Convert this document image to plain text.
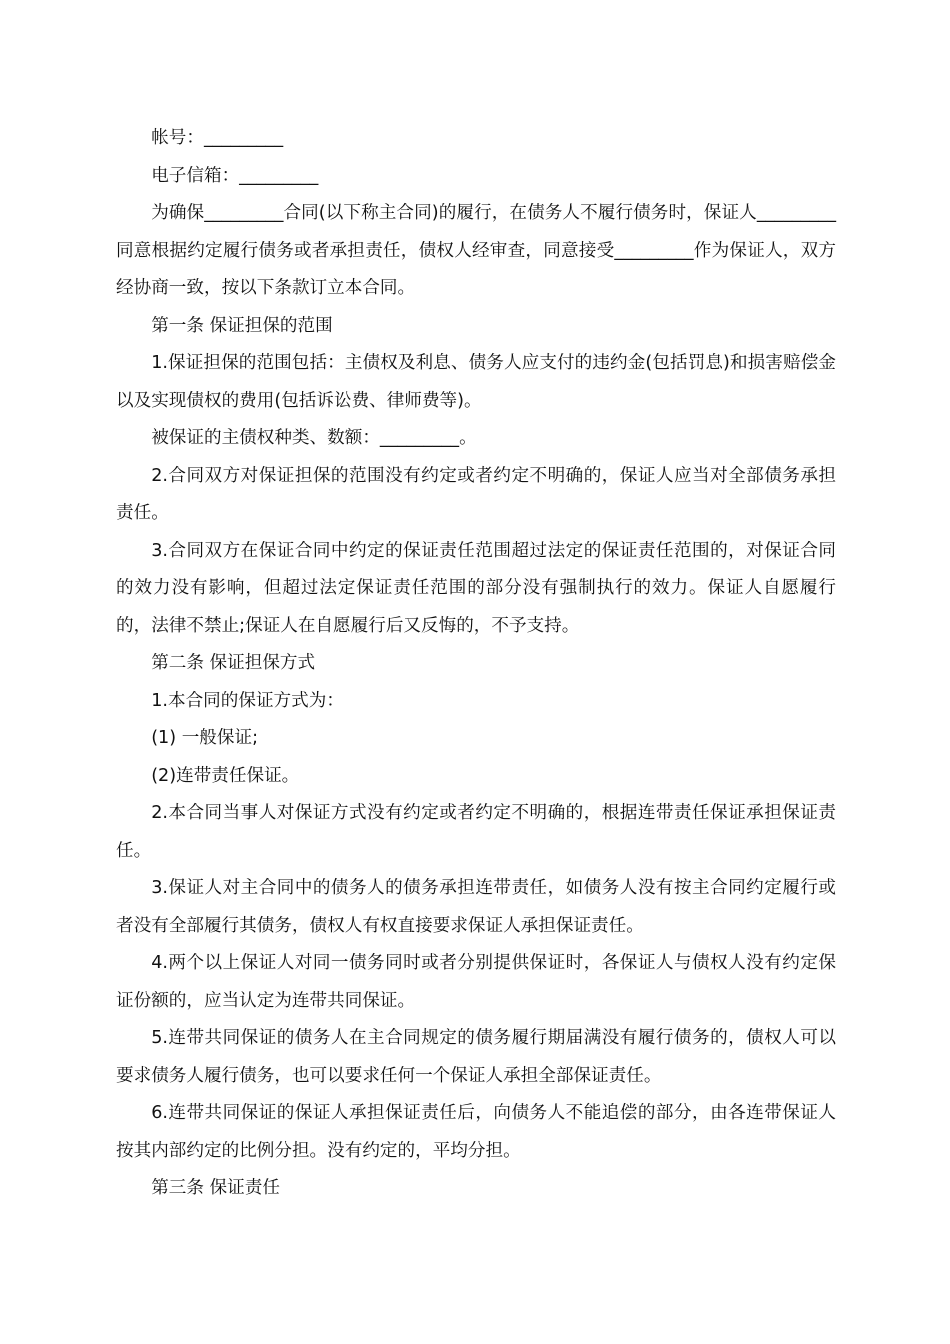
帐号：_________

电子信箱：_________

为确保_________合同(以下称主合同)的履行，在债务人不履行债务时，保证人_________同意根据约定履行债务或者承担责任，债权人经审查，同意接受_________作为保证人，双方经协商一致，按以下条款订立本合同。

第一条 保证担保的范围

1.保证担保的范围包括：主债权及利息、债务人应支付的违约金(包括罚息)和损害赔偿金以及实现债权的费用(包括诉讼费、律师费等)。

被保证的主债权种类、数额：_________。

2.合同双方对保证担保的范围没有约定或者约定不明确的，保证人应当对全部债务承担责任。

3.合同双方在保证合同中约定的保证责任范围超过法定的保证责任范围的，对保证合同的效力没有影响，但超过法定保证责任范围的部分没有强制执行的效力。保证人自愿履行的，法律不禁止;保证人在自愿履行后又反悔的，不予支持。

第二条 保证担保方式

1.本合同的保证方式为：

(1) 一般保证;

(2)连带责任保证。

2.本合同当事人对保证方式没有约定或者约定不明确的，根据连带责任保证承担保证责任。

3.保证人对主合同中的债务人的债务承担连带责任，如债务人没有按主合同约定履行或者没有全部履行其债务，债权人有权直接要求保证人承担保证责任。

4.两个以上保证人对同一债务同时或者分别提供保证时，各保证人与债权人没有约定保证份额的，应当认定为连带共同保证。

5.连带共同保证的债务人在主合同规定的债务履行期届满没有履行债务的，债权人可以要求债务人履行债务，也可以要求任何一个保证人承担全部保证责任。

6.连带共同保证的保证人承担保证责任后，向债务人不能追偿的部分，由各连带保证人按其内部约定的比例分担。没有约定的，平均分担。

第三条 保证责任
